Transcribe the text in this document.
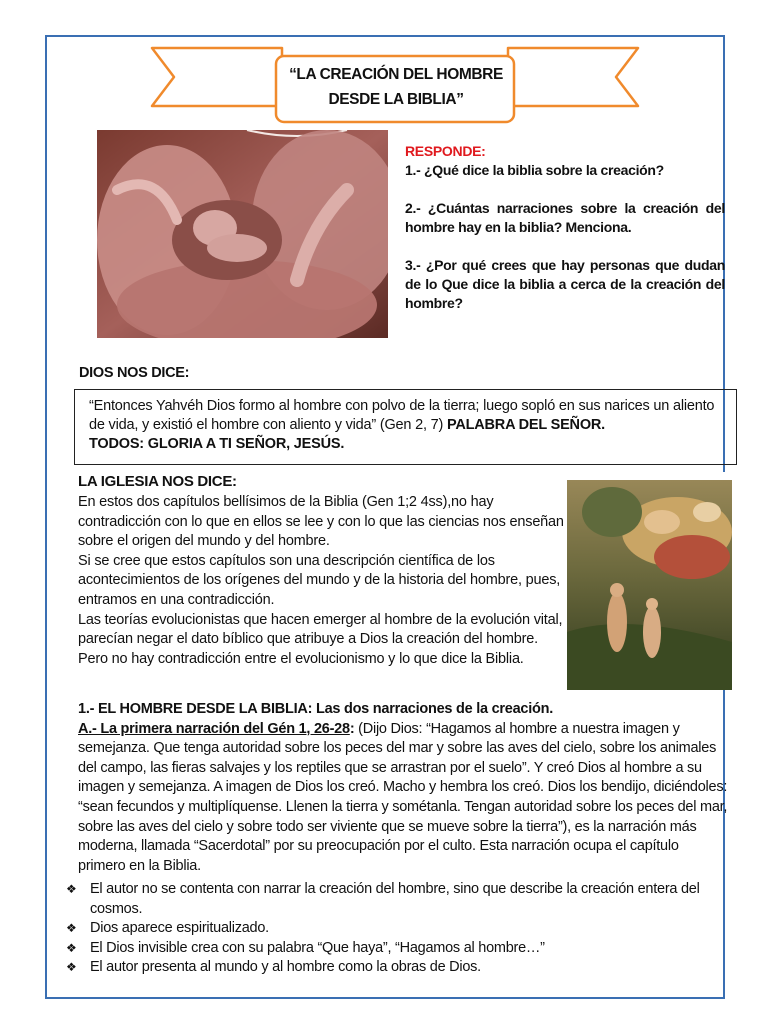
“LA CREACIÓN DEL HOMBRE
DESDE LA BIBLIA”
RESPONDE:

1.- ¿Qué dice la biblia sobre la creación?

2.- ¿Cuántas narraciones sobre la creación del hombre hay en la biblia? Menciona.

3.- ¿Por qué crees que hay personas que dudan de lo Que dice la biblia a cerca de la creación del hombre?

DIOS NOS DICE:
“Entonces Yahvéh Dios formo al hombre con polvo de la tierra; luego sopló en sus narices un aliento de vida, y existió el hombre con aliento y vida” (Gen 2, 7) PALABRA DEL SEÑOR.
TODOS: GLORIA A TI SEÑOR, JESÚS.
LA IGLESIA NOS DICE:

En estos dos capítulos bellísimos de la Biblia (Gen 1;2 4ss),no hay contradicción con lo que en ellos se lee y con lo que las ciencias nos enseñan sobre el origen del mundo y del hombre.

Si se cree que estos capítulos son una descripción científica de los acontecimientos de los orígenes del mundo y de la historia del hombre, pues, entramos en una contradicción.

Las teorías evolucionistas que hacen emerger al hombre de la evolución vital, parecían negar el dato bíblico que atribuye a Dios la creación del hombre. Pero no hay contradicción entre el evolucionismo y lo que dice la Biblia.

1.- EL HOMBRE DESDE LA BIBLIA: Las dos narraciones de la creación.

A.- La primera narración del Gén 1, 26-28: (Dijo Dios: “Hagamos al hombre a nuestra imagen y semejanza. Que tenga autoridad sobre los peces del mar y sobre las aves del cielo, sobre los animales del campo, las fieras salvajes y los reptiles que se arrastran por el suelo”. Y creó Dios al hombre a su imagen y semejanza. A imagen de Dios los creó. Macho y hembra los creó. Dios los bendijo, diciéndoles: “sean fecundos y multiplíquense. Llenen la tierra y sométanla. Tengan autoridad sobre los peces del mar, sobre las aves del cielo y sobre todo ser viviente que se mueve sobre la tierra”), es la narración más moderna, llamada “Sacerdotal” por su preocupación por el culto. Esta narración ocupa el capítulo primero en la Biblia.

❖ El autor no se contenta con narrar la creación del hombre, sino que describe la creación entera del cosmos.
❖ Dios aparece espiritualizado.
❖ El Dios invisible crea con su palabra “Que haya”, “Hagamos al hombre…”
❖ El autor presenta al mundo y al hombre como la obras de Dios.
